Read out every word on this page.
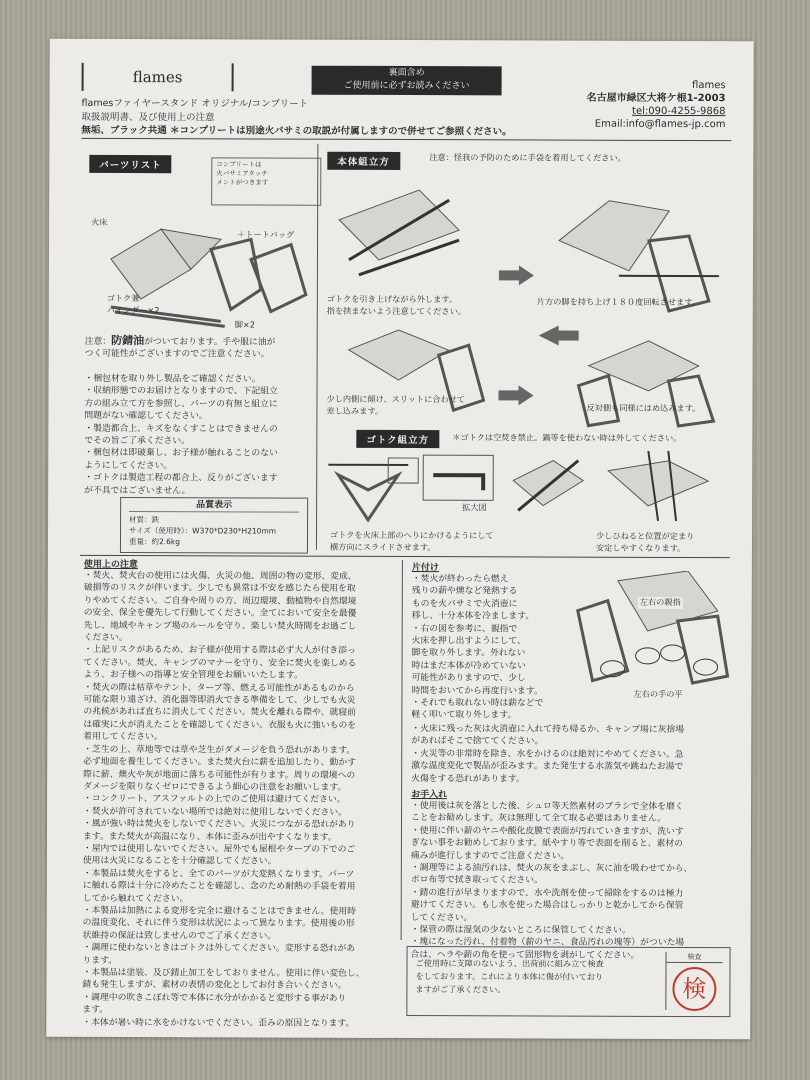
flames
flamesファイヤースタンド オリジナル/コンプリート
取扱説明書、及び使用上の注意
無垢、ブラック共通 ＊コンプリートは別途火バサミの取説が付属しますので併せてご参照ください。
裏面含め
ご使用前に必ずお読みください	flames
名古屋市緑区大将ケ根1-2003
tel:090-4255-9868
Email:info@flames-jp.com
パーツリスト	コンプリートは
火バサミアタッチ
メントがつきます
火床
＋トートバッグ
ゴトク兼
バインダー×2
脚×2
注意：防錆油がついております。手や服に油が
つく可能性がございますのでご注意ください。
・梱包材を取り外し製品をご確認ください。
・収納形態でのお届けとなりますので、下記組立
方の組み立て方を参照し、パーツの有無と組立に
問題がない確認してください。
・製造都合上、キズをなくすことはできませんの
でその旨ご了承ください。
・梱包材は即破棄し、お子様が触れることのない
ようにしてください。
・ゴトクは製造工程の都合上、反りがございます
が不具ではございません。
品質表示
材質：鉄
サイズ（使用時）：W370*D230*H210mm
重量：約2.6kg
本体組立方	注意：怪我の予防のために手袋を着用してください。
ゴトクを引き上げながら外します。
指を挟まないよう注意してください。
片方の脚を持ち上げ１８０度回転させます。
少し内側に傾け、スリットに合わせて
差し込みます。	反対側も同様にはめ込みます。
ゴトク組立方	＊ゴトクは空焚き禁止。鍋等を使わない時は外してください。
拡大図
ゴトクを火床上部のへりにかけるようにして
横方向にスライドさせます。
少しひねると位置が定まり
安定しやすくなります。
使用上の注意
・焚火、焚火台の使用には火傷、火災の他、周囲の物の変形、変成、
破損等のリスクが伴います。少しでも異常は不安を感じたら使用を取
りやめてください。ご自身や周りの方、周辺環境、動植物や自然環境
の安全、保全を優先して行動してください。全てにおいて安全を最優
先し、地域やキャンプ場のルールを守り、楽しい焚火時間をお過ごし
ください。
・上記リスクがあるため、お子様が使用する際は必ず大人が付き添っ
てください。焚火、キャンプのマナーを守り、安全に焚火を楽しめる
よう、お子様への指導と安全管理をお願いいたします。
・焚火の際は枯草やテント、タープ等、燃える可能性があるものから
可能な限り遠ざけ、消化器等即消火できる準備をして、少しでも火災
の兆候があれば直ちに消火してください。焚火を離れる際や、就寝前
は確実に火が消えたことを確認してください。衣服も火に強いものを
着用してください。
・芝生の上、草地等では草や芝生がダメージを負う恐れがあります。
必ず地面を養生してください。また焚火台に薪を追加したり、動かす
際に薪、燠火や灰が地面に落ちる可能性が有ります。周りの環境への
ダメージを限りなくゼロにできるよう細心の注意をお願いします。
・コンクリート、アスファルトの上でのご使用は避けてください。
・焚火が許可されていない場所では絶対に使用しないでください。
・風が強い時は焚火をしないでください。火災につながる恐れがあり
ます。また焚火が高温になり、本体に歪みが出やすくなります。
・屋内では使用しないでください。屋外でも屋根やタープの下でのご
使用は火災になることを十分確認してください。
・本製品は焚火をすると、全てのパーツが大変熱くなります。パーツ
に触れる際は十分に冷めたことを確認し、念のため耐熱の手袋を着用
してから触れてください。
・本製品は加熱による変形を完全に避けることはできません。使用時
の温度変化、それに伴う変形は状況によって異なります。使用後の形
状維持の保証は致しませんのでご了承ください。
・調理に使わないときはゴトクは外してください。変形する恐れがあ
ります。
・本製品は塗装、及び錆止加工をしておりません。使用に伴い変色し、
錆も発生しますが、素材の表情の変化としてお付き合いください。
・調理中の吹きこぼれ等で本体に水分がかかると変形する事があり
ます。
・本体が暑い時に水をかけないでください。歪みの原因となります。
片付け
・焚火が終わったら燃え
残りの薪や燠など発熱する
ものを火バサミで火消壺に
移し、十分本体を冷まします。
・右の図を参考に、親指で
火床を押し出すようにして、
脚を取り外します。外れない
時はまだ本体が冷めていない
可能性がありますので、少し
時間をおいてから再度行います。
・それでも取れない時は薪などで
軽く叩いて取り外します。
左右の親指
左右の手の平
・火床に残った灰は火消壺に入れて持ち帰るか、キャンプ場に灰捨場
があればそこで捨ててください。
・火災等の非常時を除き、水をかけるのは絶対にやめてください。急
激な温度変化で製品が歪みます。また発生する水蒸気や跳ねたお湯で
火傷をする恐れがあります。
お手入れ
・使用後は灰を落とした後、シュロ等天然素材のブラシで全体を磨く
ことをお勧めします。灰は無理して全て取る必要はありません。
・使用に伴い薪のヤニや酸化皮膜で表面が汚れていきますが、洗いす
ぎない事をお勧めしております。紙やすり等で表面を削ると、素材の
痛みが進行しますのでご注意ください。
・調理等による油汚れは、焚火の灰をまぶし、灰に油を吸わせてから、
ボロ布等で拭き取ってください。
・錆の進行が早まりますので、水や洗剤を使って掃除をするのは極力
避けてください。もし水を使った場合はしっかりと乾かしてから保管
してください。
・保管の際は湿気の少ないところに保管してください。
・塊になった汚れ、付着物（薪のヤニ、食品汚れの塊等）がついた場
合は、ヘラや薪の角を使って固形物を剥がしてください。
ご使用時に支障のないよう、出荷前に組み立て検査
をしております。これにより本体に傷が付いており
ますがご了承ください。
検査
検
